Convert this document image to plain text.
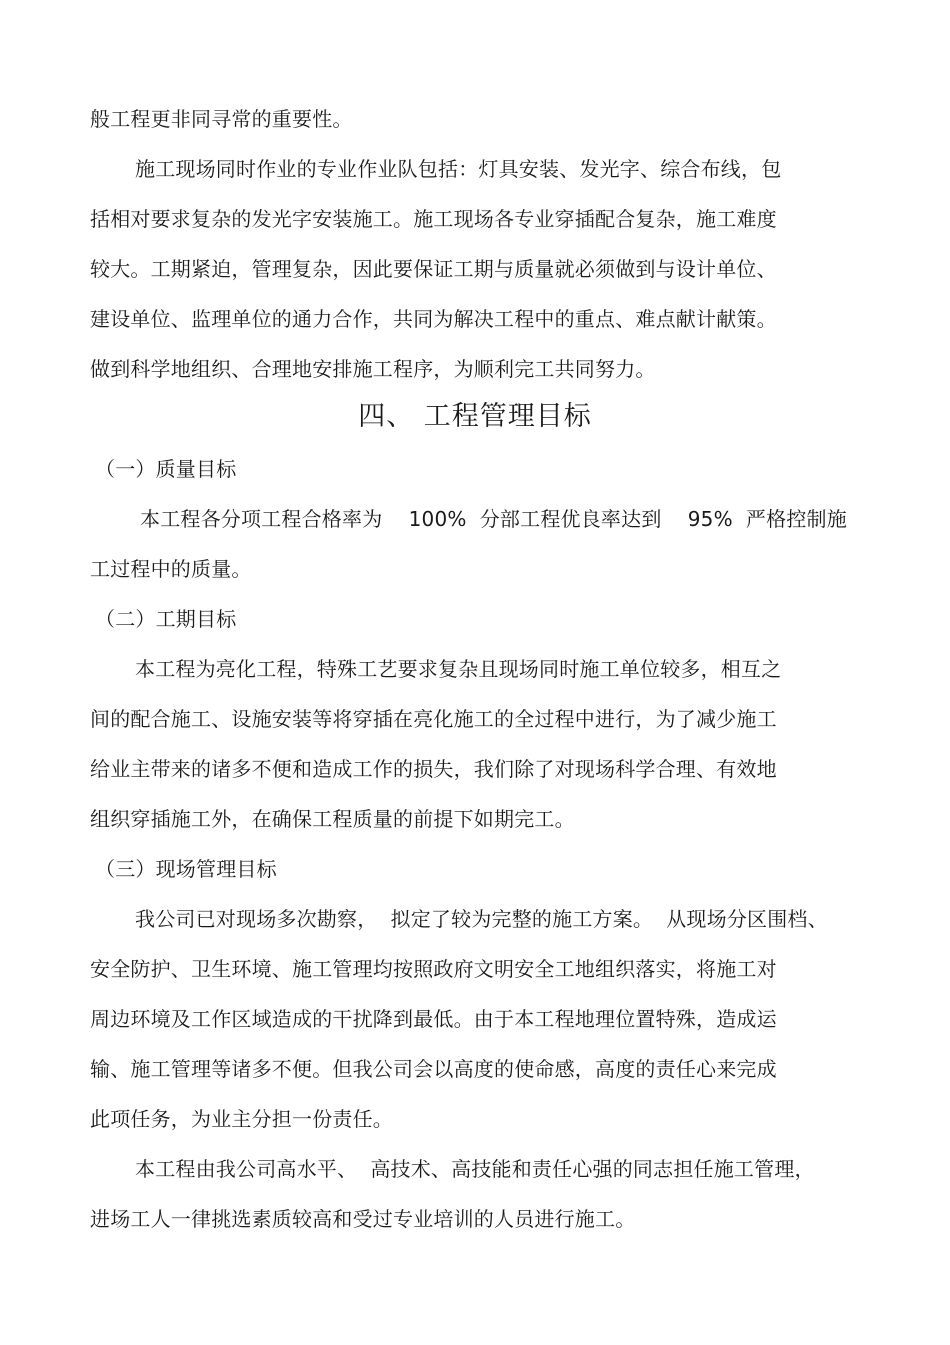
般工程更非同寻常的重要性。
施工现场同时作业的专业作业队包括：灯具安装、发光字、综合布线，包
括相对要求复杂的发光字安装施工。施工现场各专业穿插配合复杂，施工难度
较大。工期紧迫，管理复杂，因此要保证工期与质量就必须做到与设计单位、
建设单位、监理单位的通力合作，共同为解决工程中的重点、难点献计献策。
做到科学地组织、合理地安排施工程序，为顺利完工共同努力。
四、 工程管理目标
（一）质量目标
本工程各分项工程合格率为    100%  分部工程优良率达到    95%  严格控制施
工过程中的质量。
（二）工期目标
本工程为亮化工程，特殊工艺要求复杂且现场同时施工单位较多，相互之
间的配合施工、设施安装等将穿插在亮化施工的全过程中进行，为了减少施工
给业主带来的诸多不便和造成工作的损失，我们除了对现场科学合理、有效地
组织穿插施工外，在确保工程质量的前提下如期完工。
（三）现场管理目标
我公司已对现场多次勘察，  拟定了较为完整的施工方案。  从现场分区围档、
安全防护、卫生环境、施工管理均按照政府文明安全工地组织落实，将施工对
周边环境及工作区域造成的干扰降到最低。由于本工程地理位置特殊，造成运
输、施工管理等诸多不便。但我公司会以高度的使命感，高度的责任心来完成
此项任务，为业主分担一份责任。
本工程由我公司高水平、  高技术、高技能和责任心强的同志担任施工管理，
进场工人一律挑选素质较高和受过专业培训的人员进行施工。
